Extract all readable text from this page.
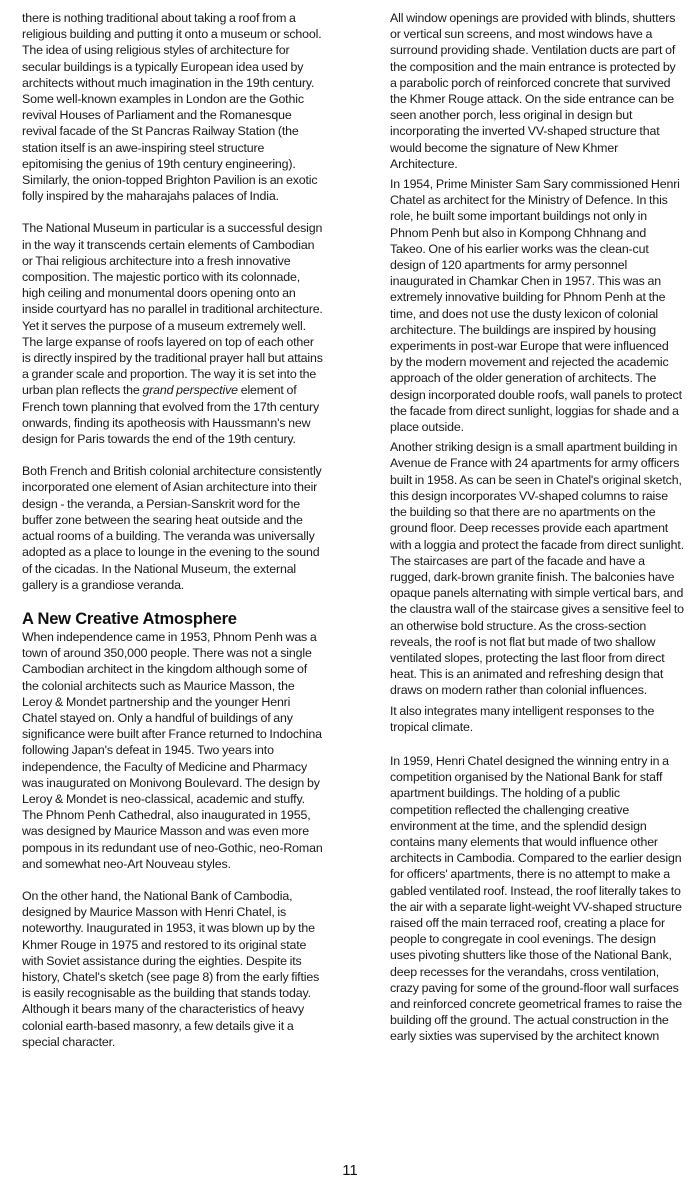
there is nothing traditional about taking a roof from a religious building and putting it onto a museum or school. The idea of using religious styles of architecture for secular buildings is a typically European idea used by architects without much imagination in the 19th century. Some well-known examples in London are the Gothic revival Houses of Parliament and the Romanesque revival facade of the St Pancras Railway Station (the station itself is an awe-inspiring steel structure epitomising the genius of 19th century engineering). Similarly, the onion-topped Brighton Pavilion is an exotic folly inspired by the maharajahs palaces of India.

The National Museum in particular is a successful design in the way it transcends certain elements of Cambodian or Thai religious architecture into a fresh innovative composition. The majestic portico with its colonnade, high ceiling and monumental doors opening onto an inside courtyard has no parallel in traditional architecture. Yet it serves the purpose of a museum extremely well. The large expanse of roofs layered on top of each other is directly inspired by the traditional prayer hall but attains a grander scale and proportion. The way it is set into the urban plan reflects the grand perspective element of French town planning that evolved from the 17th century onwards, finding its apotheosis with Haussmann's new design for Paris towards the end of the 19th century.

Both French and British colonial architecture consistently incorporated one element of Asian architecture into their design - the veranda, a Persian-Sanskrit word for the buffer zone between the searing heat outside and the actual rooms of a building. The veranda was universally adopted as a place to lounge in the evening to the sound of the cicadas. In the National Museum, the external gallery is a grandiose veranda.

A New Creative Atmosphere

When independence came in 1953, Phnom Penh was a town of around 350,000 people. There was not a single Cambodian architect in the kingdom although some of the colonial architects such as Maurice Masson, the Leroy & Mondet partnership and the younger Henri Chatel stayed on. Only a handful of buildings of any significance were built after France returned to Indochina following Japan's defeat in 1945. Two years into independence, the Faculty of Medicine and Pharmacy was inaugurated on Monivong Boulevard. The design by Leroy & Mondet is neo-classical, academic and stuffy. The Phnom Penh Cathedral, also inaugurated in 1955, was designed by Maurice Masson and was even more pompous in its redundant use of neo-Gothic, neo-Roman and somewhat neo-Art Nouveau styles.

On the other hand, the National Bank of Cambodia, designed by Maurice Masson with Henri Chatel, is noteworthy. Inaugurated in 1953, it was blown up by the Khmer Rouge in 1975 and restored to its original state with Soviet assistance during the eighties. Despite its history, Chatel's sketch (see page 8) from the early fifties is easily recognisable as the building that stands today. Although it bears many of the characteristics of heavy colonial earth-based masonry, a few details give it a special character.

All window openings are provided with blinds, shutters or vertical sun screens, and most windows have a surround providing shade. Ventilation ducts are part of the composition and the main entrance is protected by a parabolic porch of reinforced concrete that survived the Khmer Rouge attack. On the side entrance can be seen another porch, less original in design but incorporating the inverted VV-shaped structure that would become the signature of New Khmer Architecture.

In 1954, Prime Minister Sam Sary commissioned Henri Chatel as architect for the Ministry of Defence. In this role, he built some important buildings not only in Phnom Penh but also in Kompong Chhnang and Takeo. One of his earlier works was the clean-cut design of 120 apartments for army personnel inaugurated in Chamkar Chen in 1957. This was an extremely innovative building for Phnom Penh at the time, and does not use the dusty lexicon of colonial architecture. The buildings are inspired by housing experiments in post-war Europe that were influenced by the modern movement and rejected the academic approach of the older generation of architects. The design incorporated double roofs, wall panels to protect the facade from direct sunlight, loggias for shade and a place outside.

Another striking design is a small apartment building in Avenue de France with 24 apartments for army officers built in 1958. As can be seen in Chatel's original sketch, this design incorporates VV-shaped columns to raise the building so that there are no apartments on the ground floor. Deep recesses provide each apartment with a loggia and protect the facade from direct sunlight. The staircases are part of the facade and have a rugged, dark-brown granite finish. The balconies have opaque panels alternating with simple vertical bars, and the claustra wall of the staircase gives a sensitive feel to an otherwise bold structure. As the cross-section reveals, the roof is not flat but made of two shallow ventilated slopes, protecting the last floor from direct heat. This is an animated and refreshing design that draws on modern rather than colonial influences.

It also integrates many intelligent responses to the tropical climate.

In 1959, Henri Chatel designed the winning entry in a competition organised by the National Bank for staff apartment buildings. The holding of a public competition reflected the challenging creative environment at the time, and the splendid design contains many elements that would influence other architects in Cambodia. Compared to the earlier design for officers' apartments, there is no attempt to make a gabled ventilated roof. Instead, the roof literally takes to the air with a separate light-weight VV-shaped structure raised off the main terraced roof, creating a place for people to congregate in cool evenings. The design uses pivoting shutters like those of the National Bank, deep recesses for the verandahs, cross ventilation, crazy paving for some of the ground-floor wall surfaces and reinforced concrete geometrical frames to raise the building off the ground. The actual construction in the early sixties was supervised by the architect known

11
